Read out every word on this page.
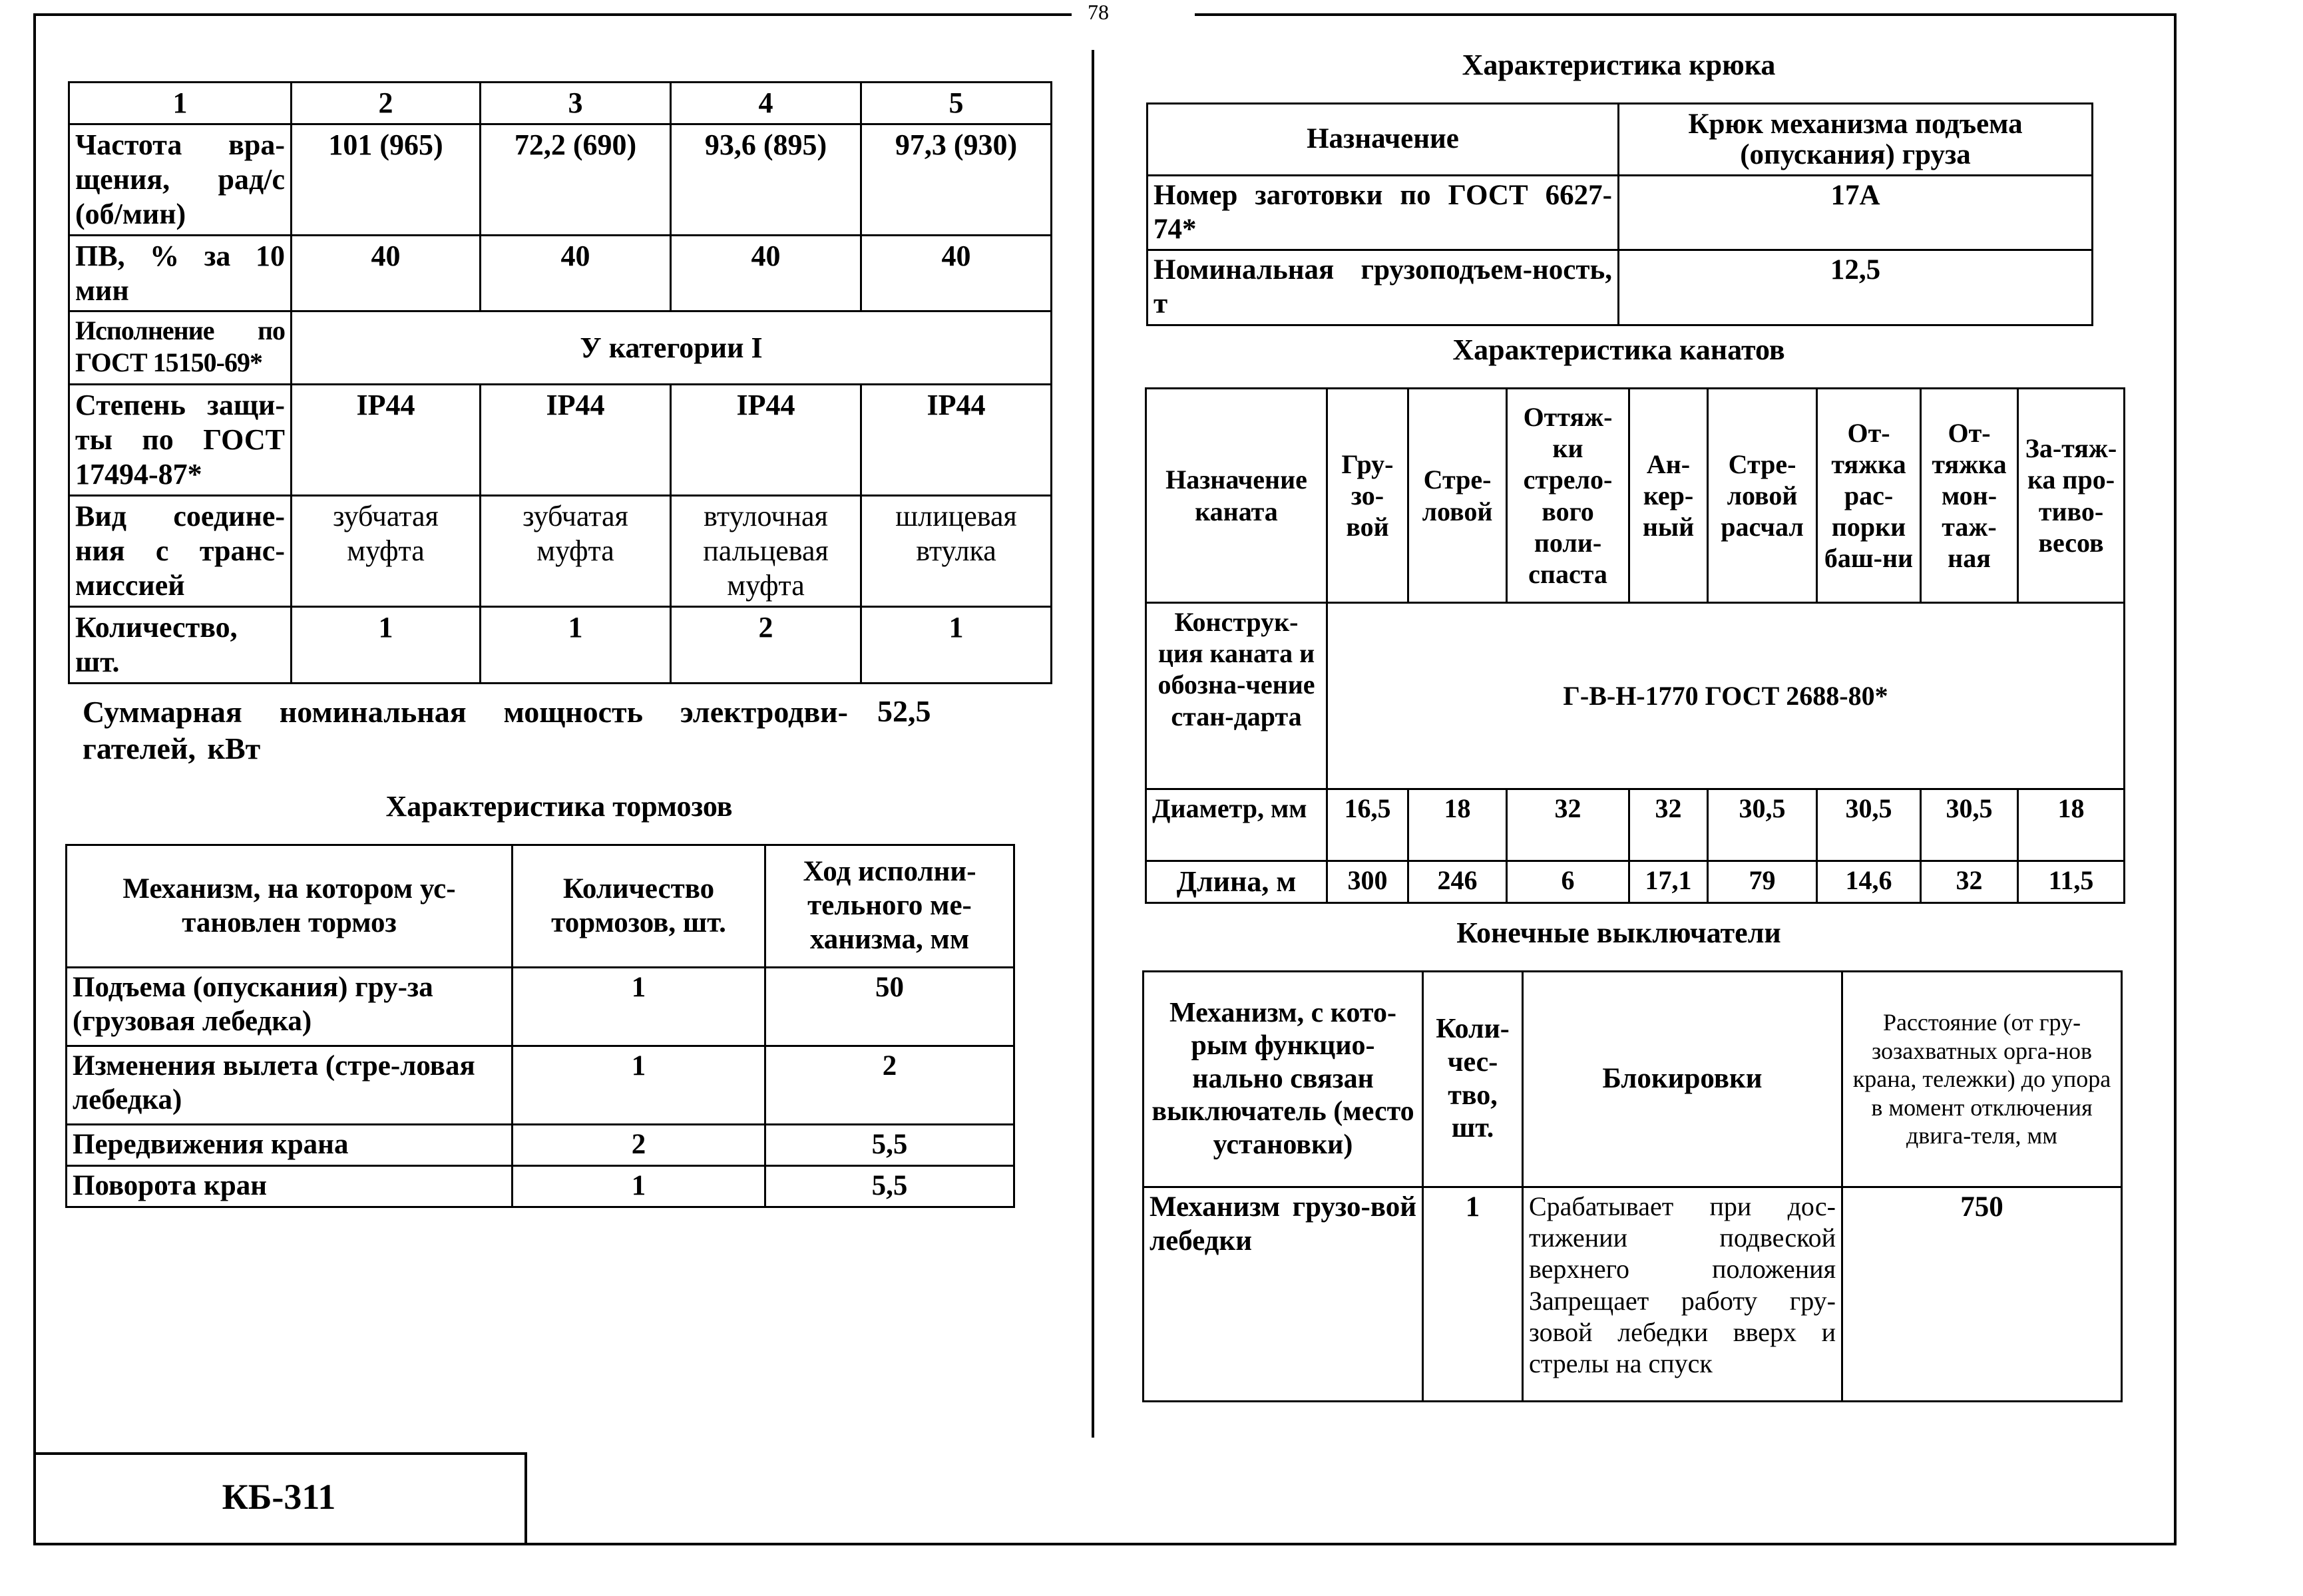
78
КБ-311
1	2	3	4	5
Частота вра-щения, рад/с (об/мин)	101 (965)	72,2 (690)	93,6 (895)	97,3 (930)
ПВ, % за 10 мин	40	40	40	40
Исполнение по ГОСТ 15150-69*	У категории I			
Степень защи-ты по ГОСТ 17494-87*	IP44	IP44	IP44	IP44
Вид соедине-ния с транс-миссией	зубчатая муфта	зубчатая муфта	втулочная пальцевая муфта	шлицевая втулка
Количество, шт.	1	1	2	1
Суммарная номинальная мощность электродви-гателей, кВт
52,5
Характеристика тормозов
Механизм, на котором ус-тановлен тормоз	Количество тормозов, шт.	Ход исполни-тельного ме-ханизма, мм
Подъема (опускания) гру-за (грузовая лебедка)	1	50
Изменения вылета (стре-ловая лебедка)	1	2
Передвижения крана	2	5,5
Поворота кран	1	5,5
Характеристика крюка
Назначение	Крюк механизма подъема (опускания) груза
Номер заготовки по ГОСТ 6627-74*	17А
Номинальная грузоподъем-ность, т	12,5
Характеристика канатов
Назначение каната	Гру-зо-вой	Стре-ловой	Оттяж-ки стрело-вого поли-спаста	Ан-кер-ный	Стре-ловой расчал	От-тяжка рас-порки баш-ни	От-тяжка мон-таж-ная	За-тяж-ка про-тиво-весов
Конструк-ция каната и обозна-чение стан-дарта	Г-В-Н-1770 ГОСТ 2688-80*							
Диаметр, мм	16,5	18	32	32	30,5	30,5	30,5	18
Длина, м	300	246	6	17,1	79	14,6	32	11,5
Конечные выключатели
Механизм, с кото-рым функцио-нально связан выключатель (место установки)	Коли-чес-тво, шт.	Блокировки	Расстояние (от гру-зозахватных орга-нов крана, тележки) до упора в момент отключения двига-теля, мм
Механизм грузо-вой лебедки	1	Срабатывает при дос-тижении подвеской верхнего положения Запрещает работу гру-зовой лебедки вверх и стрелы на спуск	750
